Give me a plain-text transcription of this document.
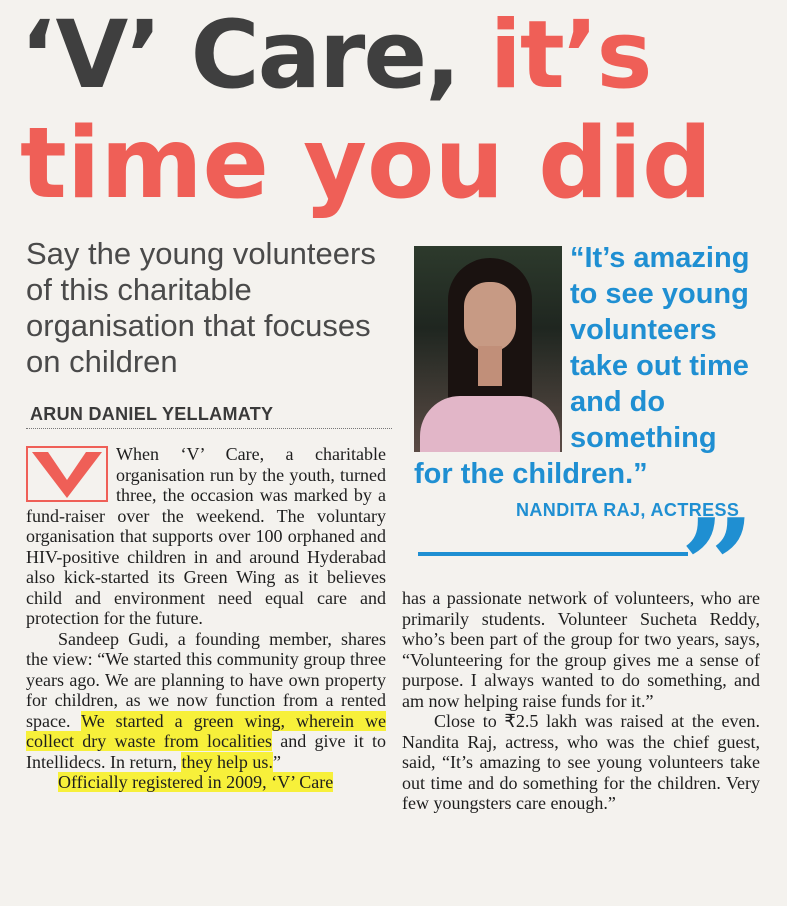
‘V’ Care, it’s
time you did

Say the young volunteers of this charitable organisation that focuses on children

ARUN DANIEL YELLAMATY
“It’s amazing
to see young
volunteers
take out time
and do
something
for the children.”
NANDITA RAJ, ACTRESS
”

When ‘V’ Care, a charitable organisation run by the youth, turned three, the occasion was marked by a fund-raiser over the weekend. The voluntary organisation that supports over 100 orphaned and HIV-positive children in and around Hyderabad also kick-started its Green Wing as it believes child and environment need equal care and protection for the future.

Sandeep Gudi, a founding member, shares the view: “We started this community group three years ago. We are planning to have own property for children, as we now function from a rented space. We started a green wing, wherein we collect dry waste from localities and give it to Intellidecs. In return, they help us.”

Officially registered in 2009, ‘V’ Care

has a passionate network of volunteers, who are primarily students. Volunteer Sucheta Reddy, who’s been part of the group for two years, says, “Volunteering for the group gives me a sense of purpose. I always wanted to do something, and am now helping raise funds for it.”

Close to ₹2.5 lakh was raised at the even. Nandita Raj, actress, who was the chief guest, said, “It’s amazing to see young volunteers take out time and do something for the children. Very few youngsters care enough.”
